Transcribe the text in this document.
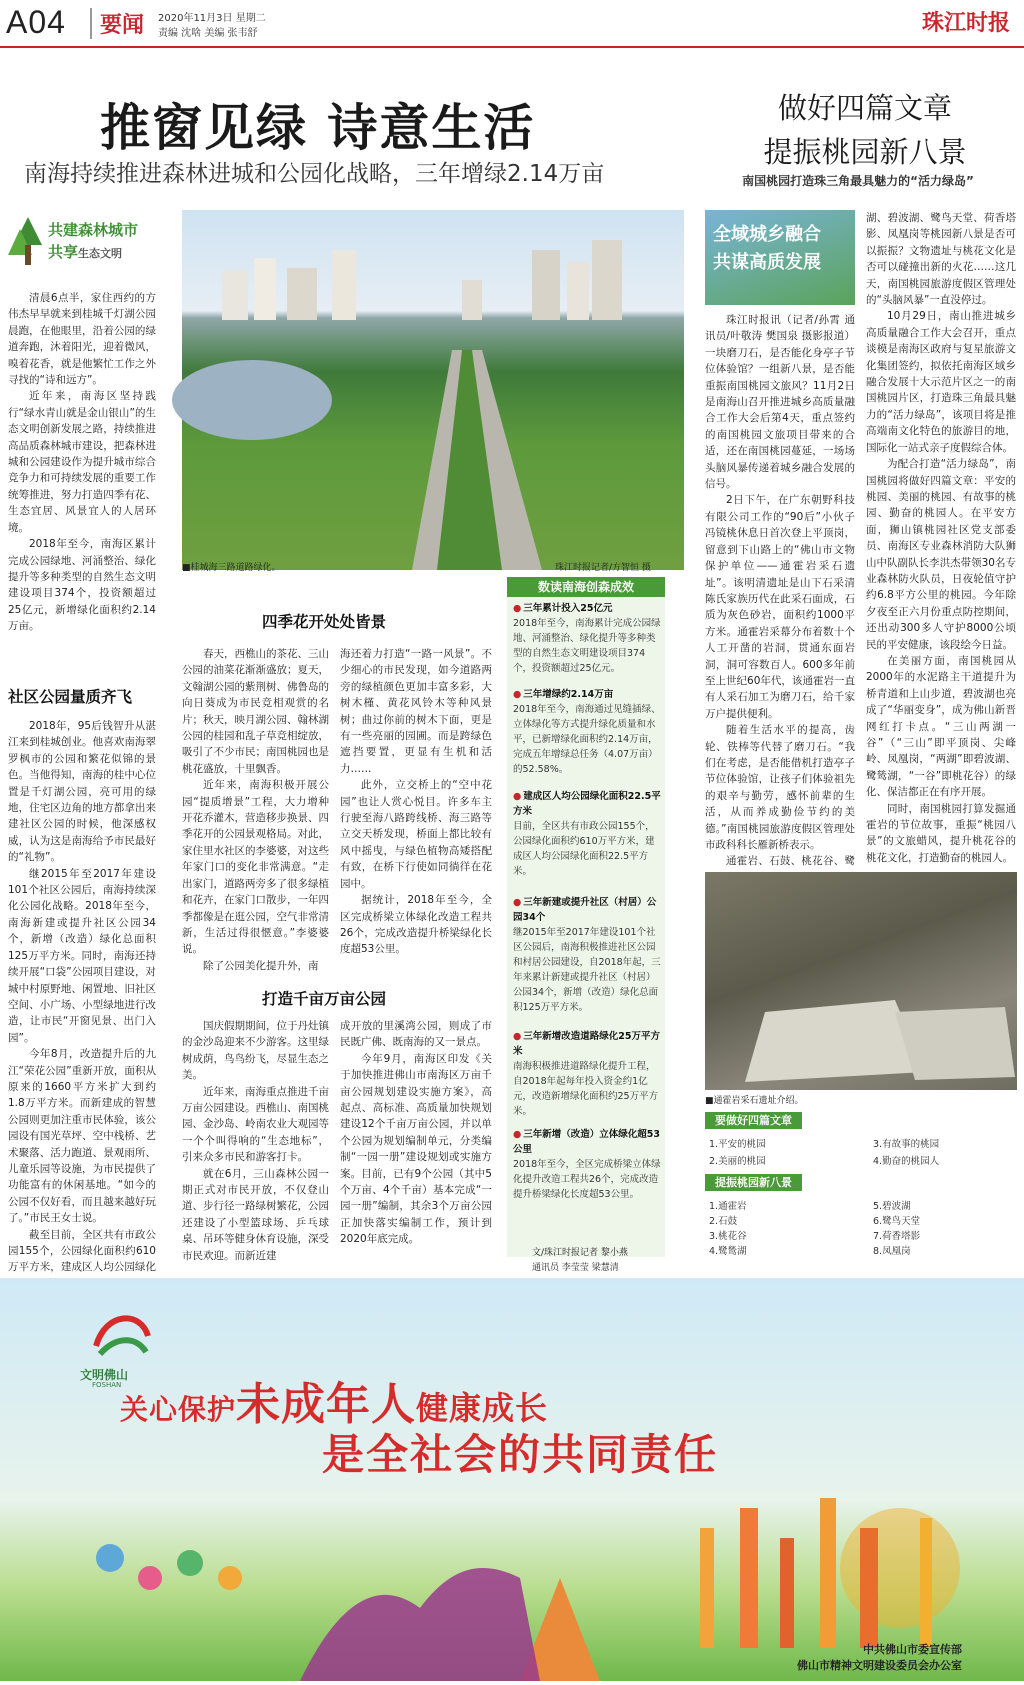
A04	要闻 2020年11月3日 星期二
责编 沈啥 美编 张韦舒	珠江时报
推窗见绿 诗意生活
南海持续推进森林进城和公园化战略，三年增绿2.14万亩
做好四篇文章
提振桃园新八景
南国桃园打造珠三角最具魅力的“活力绿岛”
共建森林城市
共享生态文明

清晨6点半，家住西约的方伟杰早早就来到桂城千灯湖公园晨跑，在他眼里，沿着公园的绿道奔跑，沐着阳光，迎着微风，嗅着花香，就是他繁忙工作之外寻找的“诗和远方”。

近年来，南海区坚持践行“绿水青山就是金山银山”的生态文明创新发展之路，持续推进高品质森林城市建设，把森林进城和公园建设作为提升城市综合竞争力和可持续发展的重要工作统筹推进，努力打造四季有花、生态宜居、风景宜人的人居环境。

2018年至今，南海区累计完成公园绿地、河涌整治、绿化提升等多种类型的自然生态文明建设项目374个，投资额超过25亿元，新增绿化面积约2.14万亩。

社区公园量质齐飞

2018年，95后钱智升从湛江来到桂城创业。他喜欢南海翠罗枫市的公园和繁花似锦的景色。当他得知，南海的桂中心位置是千灯湖公园，亮可用的绿地，住宅区边角的地方都拿出来建社区公园的时候，他深感权威，认为这是南海给予市民最好的“礼物”。

继2015年至2017年建设101个社区公园后，南海持续深化公园化战略。2018年至今，南海新建或提升社区公园34个，新增（改造）绿化总面积125万平方米。同时，南海还持续开展“口袋”公园项目建设，对城中村原野地、闲置地、旧社区空间、小广场、小型绿地进行改造，让市民“开窗见景、出门入园”。

今年8月，改造提升后的九江“荣花公园”重新开放，面积从原来的1660平方米扩大到约1.8万平方米。而新建成的智慧公园则更加注重市民体验，该公园设有国光草坪、空中栈桥、艺术聚落、活力跑道、景观雨所、儿童乐园等设施，为市民提供了功能富有的休闲基地。“如今的公园不仅好看，而且越来越好玩了。”市民王女士说。

截至目前，全区共有市政公园155个，公园绿化面积约610万平方米，建成区人均公园绿化

■桂城海三路道路绿化。	珠江时报记者/方智恒 摄
四季花开处处皆景

春天，西樵山的茶花、三山公园的油菜花渐渐盛放；夏天，文翰湖公园的紫荆树、佛鲁岛的向日葵成为市民竞相观赏的名片；秋天，映月湖公园、翰林湖公园的桂园和乱子草竞相绽放，吸引了不少市民；南国桃园也是桃花盛放，十里飘香。

近年来，南海积极开展公园“提质增景”工程，大力增种开花乔灌木，营造移步换景、四季花开的公园景观格局。对此，家住里水社区的李婆婆，对这些年家门口的变化非常满意。“走出家门，道路两旁多了很多绿植和花卉，在家门口散步，一年四季都像是在逛公园，空气非常清新，生活过得很惬意。”李婆婆说。

除了公园美化提升外，南

海还着力打造“一路一风景”。不少细心的市民发现，如今道路两旁的绿植颜色更加丰富多彩，大树木槿、黄花风铃木等种风景树；曲过你前的树木下面，更是有一些亮丽的园圃。而是跨绿色遮挡要置，更显有生机和活力……

此外，立交桥上的“空中花园”也让人赏心悦目。许多车主行驶至海八路跨线桥、海三路等立交天桥发现，桥面上都比较有风中摇曳，与绿色植物高矮搭配有致，在桥下行使如同徜徉在花园中。

据统计，2018年至今，全区完成桥梁立体绿化改造工程共26个，完成改造提升桥梁绿化长度超53公里。

打造千亩万亩公园

国庆假期期间，位于丹灶镇的金沙岛迎来不少游客。这里绿树成荫，鸟鸟纷飞，尽显生态之美。

近年来，南海重点推进千亩万亩公园建设。西樵山、南国桃园、金沙岛、岭南农业大观园等一个个叫得响的“生态地标”，引来众多市民和游客打卡。

就在6月，三山森林公园一期正式对市民开放，不仅登山道、步行径一路绿树繁花，公园还建设了小型篮球场、乒乓球桌、吊环等健身休育设施，深受市民欢迎。而新近建

成开放的里溪湾公园，则成了市民既广佛、既南海的又一景点。

今年9月，南海区印发《关于加快推进佛山市南海区万亩千亩公园规划建设实施方案》，高起点、高标准、高质量加快规划建设12个千亩万亩公园，并以单个公园为规划编制单元，分类编制“一园一册”建设规划或实施方案。目前，已有9个公园（其中5个万亩、4个千亩）基本完成“一园一册”编制，其余3个万亩公园正加快落实编制工作，预计到2020年底完成。

● 三年累计投入25亿元
2018年至今，南海累计完成公园绿地、河涌整治、绿化提升等多种类型的自然生态文明建设项目374个，投资额超过25亿元。
● 三年增绿约2.14万亩
2018年至今，南海通过见缝插绿、立体绿化等方式提升绿化质量和水平，已新增绿化面积约2.14万亩，完成五年增绿总任务（4.07万亩）的52.58%。
● 建成区人均公园绿化面积22.5平方米
目前，全区共有市政公园155个，公园绿化面积约610万平方米，建成区人均公园绿化面积22.5平方米。
● 三年新建或提升社区（村居）公园34个
继2015年至2017年建设101个社区公园后，南海积极推进社区公园和村居公园建设，自2018年起，三年来累计新建或提升社区（村居）公园34个，新增（改造）绿化总面积125万平方米。
● 三年新增改造道路绿化25万平方米
南海积极推进道路绿化提升工程，自2018年起每年投入资金约1亿元，改造新增绿化面积约25万平方米。
● 三年新增（改造）立体绿化超53公里
2018年至今，全区完成桥梁立体绿化提升改造工程共26个，完成改造提升桥梁绿化长度超53公里。
数读南海创森成效
文/珠江时报记者 黎小燕
通讯员 李莹莹 梁慧清
全域城乡融合
共谋高质发展

珠江时报讯（记者/孙霄 通讯员/叶敬涛 樊国泉 摄影报道）一块磨刀石，是否能化身亭子节位体验馆？一组新八景，是否能重振南国桃园文旅风？11月2日是南海山召开推进城乡高质量融合工作大会后第4天，重点签约的南国桃园文旅项目带来的合适，还在南国桃园蔓延，一场场头脑风暴传递着城乡融合发展的信号。

2日下午，在广东朝野科技有限公司工作的“90后”小伙子冯镜桃休息日首次登上平顶岗，留意到下山路上的“佛山市文物保护单位——通霍岩采石遗址”。该明清遗址是山下石采清陈氏家族历代在此采石面成，石质为灰色砂岩，面积约1000平方米。通霍岩采幕分布着数十个人工开凿的岩洞，贯通东面岩洞，洞可容数百人。600多年前至上世纪60年代，该通霍岩一直有人采石加工为磨刀石，给千家万户提供便利。

随着生活水平的提高，齿轮、铁棒等代替了磨刀石。“我们在考虑，是否能借机打造亭子节位体验馆，让孩子们体验祖先的艰辛与勤劳，感怀前辈的生活，从而养成勤俭节约的美德。”南国桃园旅游度假区管理处市政科科长雁新桥表示。

通霍岩、石鼓、桃花谷、鹭

湖、碧波湖、鹭鸟天堂、荷香塔影、凤凰岗等桃园新八景是否可以振振？文物遗址与桃花文化是否可以碰撞出新的火花……这几天，南国桃园旅游度假区管理处的“头脑风暴”一直没停过。

10月29日，南山推进城乡高质量融合工作大会召开，重点谈模是南海区政府与复星旅游文化集团签约，拟依托南海区域乡融合发展十大示范片区之一的南国桃园片区，打造珠三角最具魅力的“活力绿岛”，该项目将是推高端南文化特色的旅游目的地，国际化一站式亲子度假综合体。

为配合打造“活力绿岛”，南国桃园将做好四篇文章：平安的桃园、美丽的桃园、有故事的桃园、勤奋的桃园人。在平安方面，狮山镇桃园社区党支部委员、南海区专业森林消防大队狮山中队副队长李洪杰带领30名专业森林防火队员，日夜轮值守护约6.8平方公里的桃园。今年除夕夜至正六月份重点防控期间，还出动300多人守护8000公顷民的平安健康，该段绘今日益。

在美丽方面，南国桃园从2000年的水泥路主干道提升为桥青道和上山步道，碧波湖也亮成了“华丽变身”，成为佛山新晋网红打卡点。“三山两湖一谷”（“三山”即平顶岗、尖峰岭、凤凰岗，“两湖”即碧波湖、鹭鸶湖，“一谷”即桃花谷）的绿化、保洁都正在有序开展。

同时，南国桃园打算发掘通霍岩的节位故事，重振“桃园八景”的文旅蜡风，提升桃花谷的桃花文化，打造勤奋的桃园人。

■通霍岩采石遗址介绍。
要做好四篇文章
1.平安的桃园
2.美丽的桃园
3.有故事的桃园
4.勤奋的桃园人
提振桃园新八景
1.通霍岩
2.石鼓
3.桃花谷
4.鹭鸶湖
5.碧波湖
6.鹭鸟天堂
7.荷香塔影
8.凤凰岗
文明佛山
FOSHAN
关心保护未成年人健康成长
是全社会的共同责任
中共佛山市委宣传部
佛山市精神文明建设委员会办公室
